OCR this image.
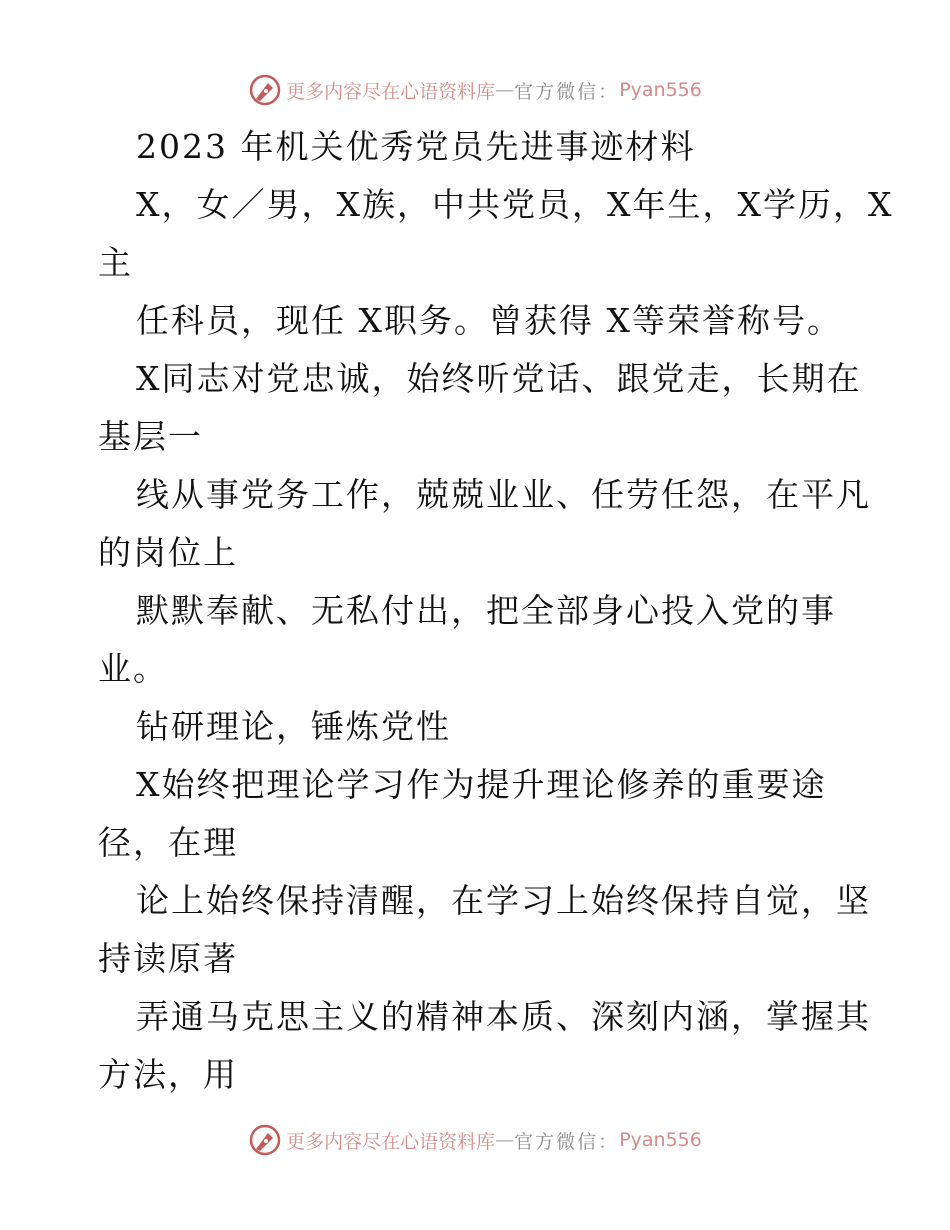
更多内容尽在心语资料库 — 官方微信： Pyan556
2023 年机关优秀党员先进事迹材料
X，女／男，X族，中共党员，X年生，X学历，X
主
任科员，现任 X职务。曾获得 X等荣誉称号。
X同志对党忠诚，始终听党话、跟党走，长期在
基层一
线从事党务工作，兢兢业业、任劳任怨，在平凡
的岗位上
默默奉献、无私付出，把全部身心投入党的事
业。
钻研理论，锤炼党性
X始终把理论学习作为提升理论修养的重要途
径，在理
论上始终保持清醒，在学习上始终保持自觉，坚
持读原著
弄通马克思主义的精神本质、深刻内涵，掌握其
方法，用
更多内容尽在心语资料库 — 官方微信： Pyan556
